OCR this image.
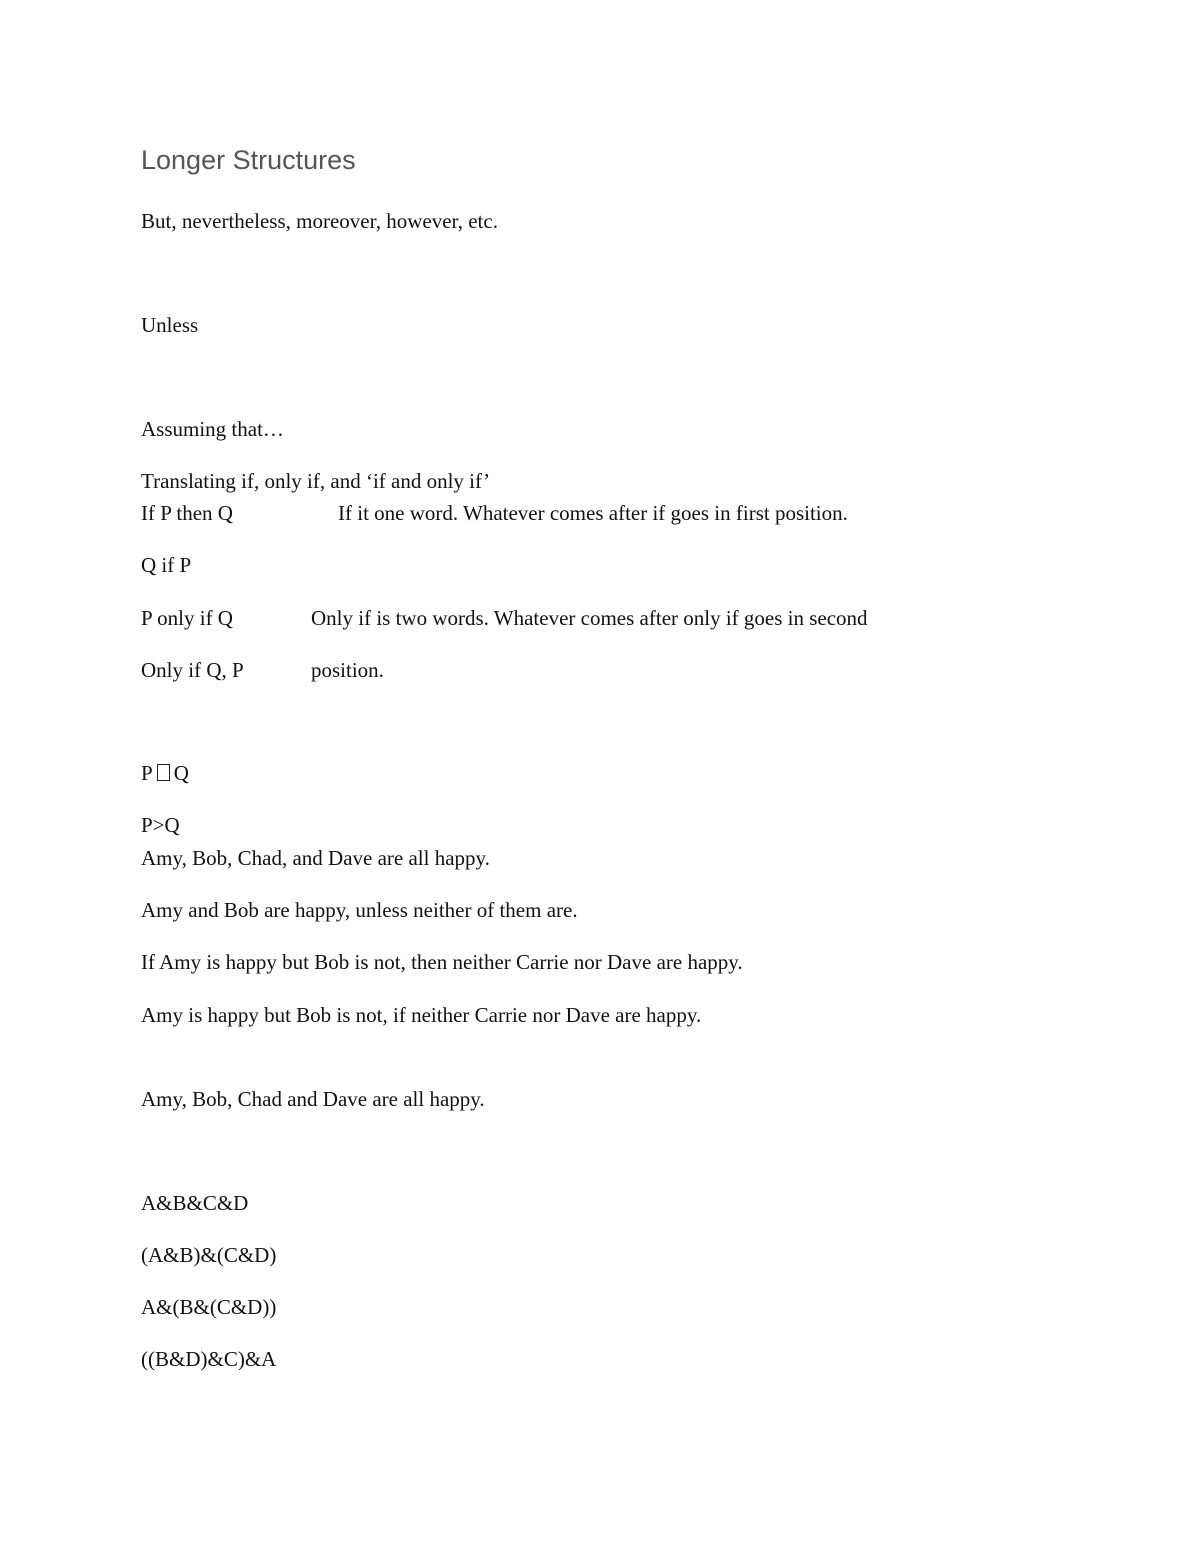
Longer Structures
But, nevertheless, moreover, however, etc.
Unless
Assuming that…
Translating if, only if, and ‘if and only if’
If P then Q	If it one word. Whatever comes after if goes in first position.
Q if P
P only if Q	Only if is two words. Whatever comes after only if goes in second
Only if Q, P	position.
P Q
P>Q
Amy, Bob, Chad, and Dave are all happy.
Amy and Bob are happy, unless neither of them are.
If Amy is happy but Bob is not, then neither Carrie nor Dave are happy.
Amy is happy but Bob is not, if neither Carrie nor Dave are happy.
Amy, Bob, Chad and Dave are all happy.
A&B&C&D
(A&B)&(C&D)
A&(B&(C&D))
((B&D)&C)&A
